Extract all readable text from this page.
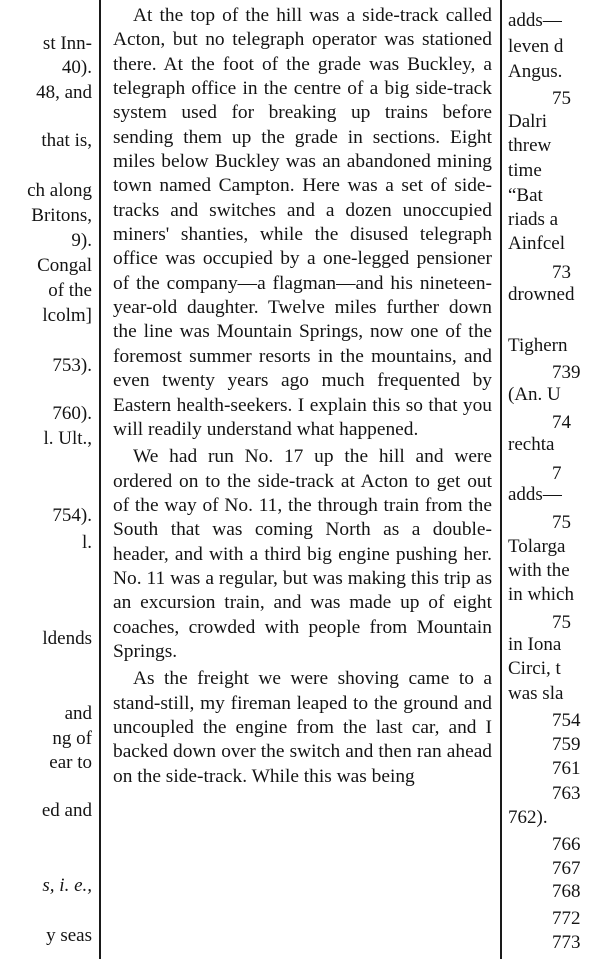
st Inn-
40).
48, and
that is,
ch along
Britons,
9).
Congal
of the
lcolm]
753).
760).
l. Ult.,
754).
l.
ldends
and
ng of
ear to
ed and
s, i. e.,
y seas

At the top of the hill was a side-track called Acton, but no telegraph operator was stationed there. At the foot of the grade was Buckley, a telegraph office in the centre of a big side-track system used for breaking up trains before sending them up the grade in sections. Eight miles below Buckley was an abandoned mining town named Campton. Here was a set of side-tracks and switches and a dozen unoccupied miners' shanties, while the disused telegraph office was occupied by a one-legged pensioner of the company—a flagman—and his nineteen-year-old daughter. Twelve miles further down the line was Mountain Springs, now one of the foremost summer resorts in the mountains, and even twenty years ago much frequented by Eastern health-seekers. I explain this so that you will readily understand what happened.

We had run No. 17 up the hill and were ordered on to the side-track at Acton to get out of the way of No. 11, the through train from the South that was coming North as a double-header, and with a third big engine pushing her. No. 11 was a regular, but was making this trip as an excursion train, and was made up of eight coaches, crowded with people from Mountain Springs.

As the freight we were shoving came to a stand-still, my fireman leaped to the ground and uncoupled the engine from the last car, and I backed down over the switch and then ran ahead on the side-track. While this was being

adds—
leven d
Angus.
75
Dalri
threw
time
“Bat
riads a
Ainfcel
73
drowned
Tighern
739
(An. U
74
rechta
7
adds—
75
Tolarga
with the
in which
75
in Iona
Circi, t
was sla
754
759
761
763
762).
766
767
768
772
773
